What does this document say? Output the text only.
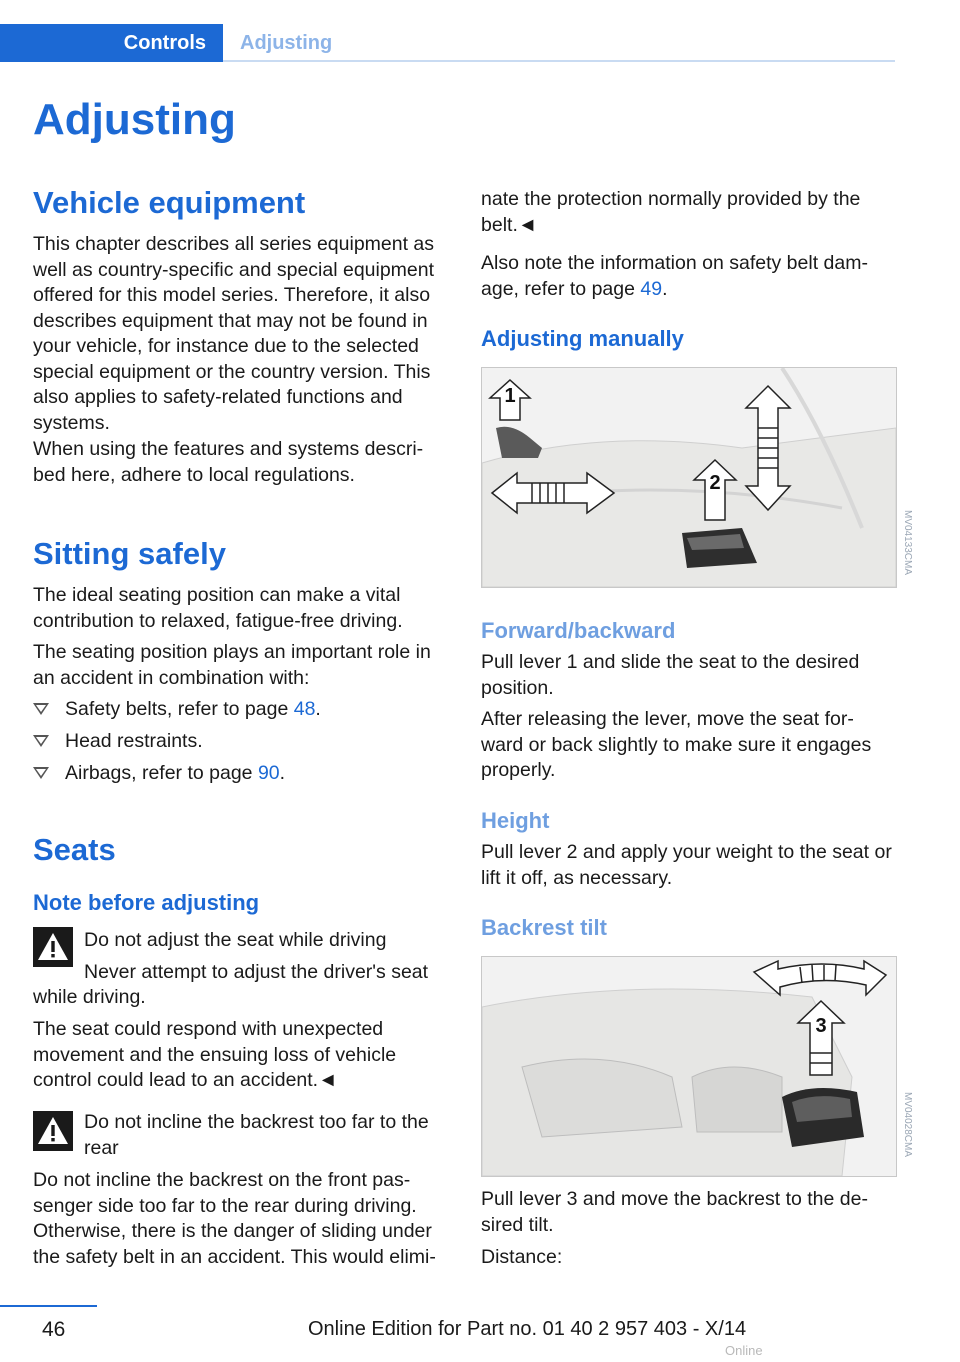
Controls	Adjusting
Adjusting
Vehicle equipment
This chapter describes all series equipment as well as country-specific and special equipment offered for this model series. Therefore, it also describes equipment that may not be found in your vehicle, for instance due to the selected special equipment or the country version. This also applies to safety-related functions and systems.
When using the features and systems descri‐ bed here, adhere to local regulations.
Sitting safely
The ideal seating position can make a vital contribution to relaxed, fatigue-free driving.
The seating position plays an important role in an accident in combination with:
Safety belts, refer to page 48.
Head restraints.
Airbags, refer to page 90.
Seats
Note before adjusting
Do not adjust the seat while driving
Never attempt to adjust the driver's seat
while driving.
The seat could respond with unexpected movement and the ensuing loss of vehicle control could lead to an accident.◄
Do not incline the backrest too far to the rear
Do not incline the backrest on the front pas‐ senger side too far to the rear during driving. Otherwise, there is the danger of sliding under the safety belt in an accident. This would elimi‐
nate the protection normally provided by the belt.◄
Also note the information on safety belt dam‐ age, refer to page 49.
Adjusting manually
1
2
MV04133CMA
Forward/backward
Pull lever 1 and slide the seat to the desired position.
After releasing the lever, move the seat for‐ ward or back slightly to make sure it engages properly.
Height
Pull lever 2 and apply your weight to the seat or lift it off, as necessary.
Backrest tilt
3
MV04028CMA
Pull lever 3 and move the backrest to the de‐ sired tilt.
Distance:
46	Online Edition for Part no. 01 40 2 957 403 - X/14
Online
